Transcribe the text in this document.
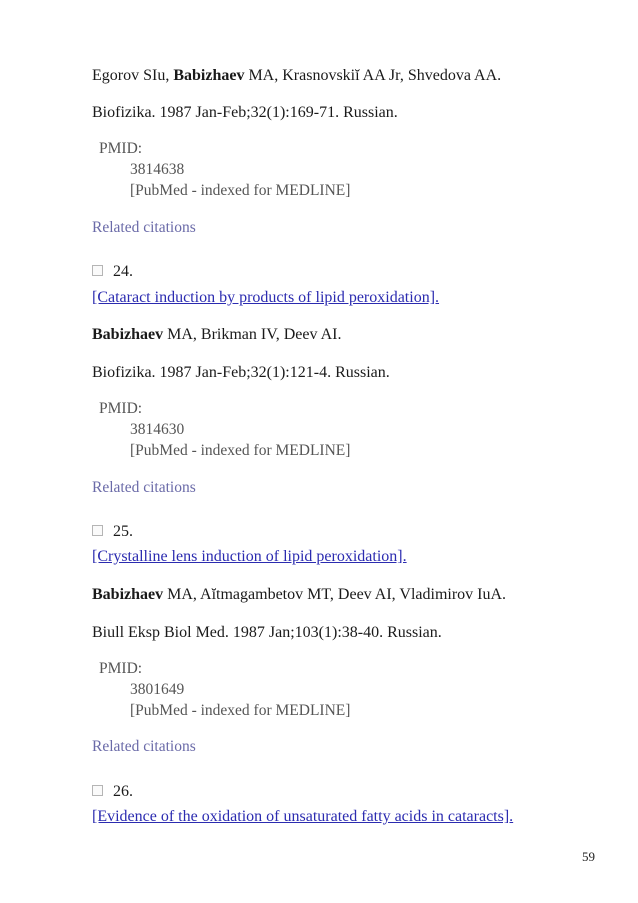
Egorov SIu, Babizhaev MA, Krasnovskiĭ AA Jr, Shvedova AA.
Biofizika. 1987 Jan-Feb;32(1):169-71. Russian.
PMID:
3814638
[PubMed - indexed for MEDLINE]
Related citations
24.
[Cataract induction by products of lipid peroxidation].
Babizhaev MA, Brikman IV, Deev AI.
Biofizika. 1987 Jan-Feb;32(1):121-4. Russian.
PMID:
3814630
[PubMed - indexed for MEDLINE]
Related citations
25.
[Crystalline lens induction of lipid peroxidation].
Babizhaev MA, Aĭtmagambetov MT, Deev AI, Vladimirov IuA.
Biull Eksp Biol Med. 1987 Jan;103(1):38-40. Russian.
PMID:
3801649
[PubMed - indexed for MEDLINE]
Related citations
26.
[Evidence of the oxidation of unsaturated fatty acids in cataracts].
59
